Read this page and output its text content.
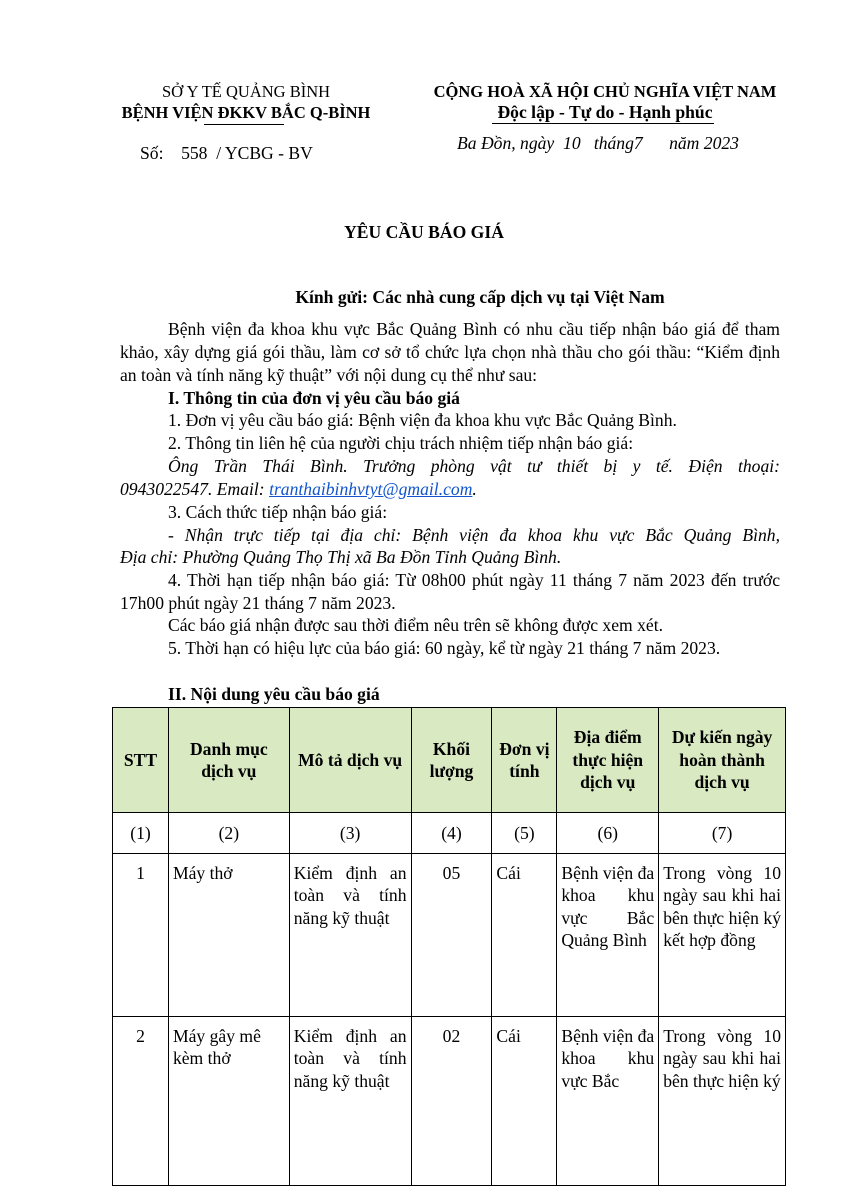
SỞ Y TẾ QUẢNG BÌNH
BỆNH VIỆN ĐKKV BẮC Q-BÌNH
Số:    558  / YCBG - BV
CỘNG HOÀ XÃ HỘI CHỦ NGHĨA VIỆT NAM
Độc lập - Tự do - Hạnh phúc
Ba Đồn, ngày  10   tháng7      năm 2023
YÊU CẦU BÁO GIÁ
Kính gửi: Các nhà cung cấp dịch vụ tại Việt Nam
Bệnh viện đa khoa khu vực Bắc Quảng Bình có nhu cầu tiếp nhận báo giá để tham khảo, xây dựng giá gói thầu, làm cơ sở tổ chức lựa chọn nhà thầu cho gói thầu: “Kiểm định an toàn và tính năng kỹ thuật” với nội dung cụ thể như sau:
I. Thông tin của đơn vị yêu cầu báo giá
1. Đơn vị yêu cầu báo giá: Bệnh viện đa khoa khu vực Bắc Quảng Bình.
2. Thông tin liên hệ của người chịu trách nhiệm tiếp nhận báo giá:
Ông Trần Thái Bình. Trưởng phòng vật tư thiết bị y tế. Điện thoại:
0943022547. Email: tranthaibinhvtyt@gmail.com.
3. Cách thức tiếp nhận báo giá:
- Nhận trực tiếp tại địa chỉ: Bệnh viện đa khoa khu vực Bắc Quảng Bình,
Địa chỉ: Phường Quảng Thọ Thị xã Ba Đồn Tỉnh Quảng Bình.
4. Thời hạn tiếp nhận báo giá: Từ 08h00 phút ngày 11 tháng 7 năm 2023 đến trước 17h00 phút ngày 21 tháng 7 năm 2023.
Các báo giá nhận được sau thời điểm nêu trên sẽ không được xem xét.
5. Thời hạn có hiệu lực của báo giá: 60 ngày, kể từ ngày 21 tháng 7 năm 2023.
II. Nội dung yêu cầu báo giá
STT	Danh mục dịch vụ	Mô tả dịch vụ	Khối lượng	Đơn vị tính	Địa điểm thực hiện dịch vụ	Dự kiến ngày hoàn thành dịch vụ
(1)	(2)	(3)	(4)	(5)	(6)	(7)
1	Máy thở	Kiểm định an toàn và tính năng kỹ thuật	05	Cái	Bệnh viện đa khoa khu vực Bắc Quảng Bình	Trong vòng 10 ngày sau khi hai bên thực hiện ký kết hợp đồng
2	Máy gây mê kèm thở	Kiểm định an toàn và tính năng kỹ thuật	02	Cái	Bệnh viện đa khoa khu vực Bắc	Trong vòng 10 ngày sau khi hai bên thực hiện ký
